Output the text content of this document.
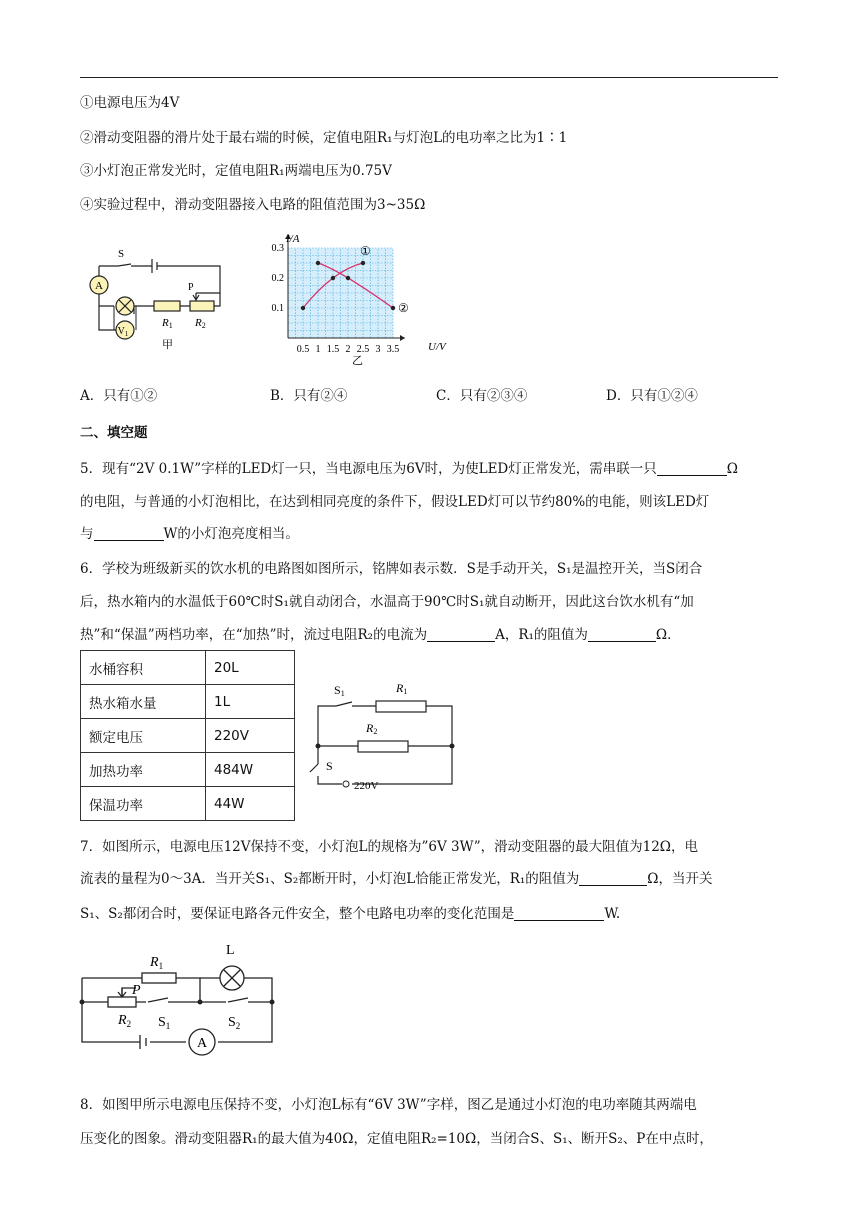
①电源电压为4V
②滑动变阻器的滑片处于最右端的时候，定值电阻R₁与灯泡L的电功率之比为1∶1
③小灯泡正常发光时，定值电阻R₁两端电压为0.75V
④实验过程中，滑动变阻器接入电路的阻值范围为3~35Ω
A
$V_1$
P
S
R1 R2
甲	0.5 1 1.5 2 2.5 3 3.5
0.1
0.2
0.3	①
②
I/A
U/V
乙
A．只有①②	B．只有②④	C．只有②③④	D．只有①②④
二、填空题
5．现有“2V 0.1W”字样的LED灯一只，当电源电压为6V时，为使LED灯正常发光，需串联一只	Ω
的电阻，与普通的小灯泡相比，在达到相同亮度的条件下，假设LED灯可以节约80%的电能，则该LED灯
与	W的小灯泡亮度相当。
6．学校为班级新买的饮水机的电路图如图所示，铭牌如表示数．S是手动开关，S₁是温控开关，当S闭合
后，热水箱内的水温低于60℃时S₁就自动闭合，水温高于90℃时S₁就自动断开，因此这台饮水机有“加
热”和“保温”两档功率，在“加热”时，流过电阻R₂的电流为	A，R₁的阻值为	Ω．
水桶容积	20L
热水箱水量	1L
额定电压	220V
加热功率	484W
保温功率	44W
S1	R1
R2
S
220V
7．如图所示，电源电压12V保持不变，小灯泡L的规格为”6V 3W”，滑动变阻器的最大阻值为12Ω，电
流表的量程为0～3A．当开关S₁、S₂都断开时，小灯泡L恰能正常发光，R₁的阻值为	Ω，当开关
S₁、S₂都闭合时，要保证电路各元件安全，整个电路电功率的变化范围是	W.
A
$R_1$
L
P
$R_2$ $S_1$	$S_2$
8．如图甲所示电源电压保持不变，小灯泡L标有“6V 3W”字样，图乙是通过小灯泡的电功率随其两端电
压变化的图象。滑动变阻器R₁的最大值为40Ω，定值电阻R₂=10Ω，当闭合S、S₁、断开S₂、P在中点时，
